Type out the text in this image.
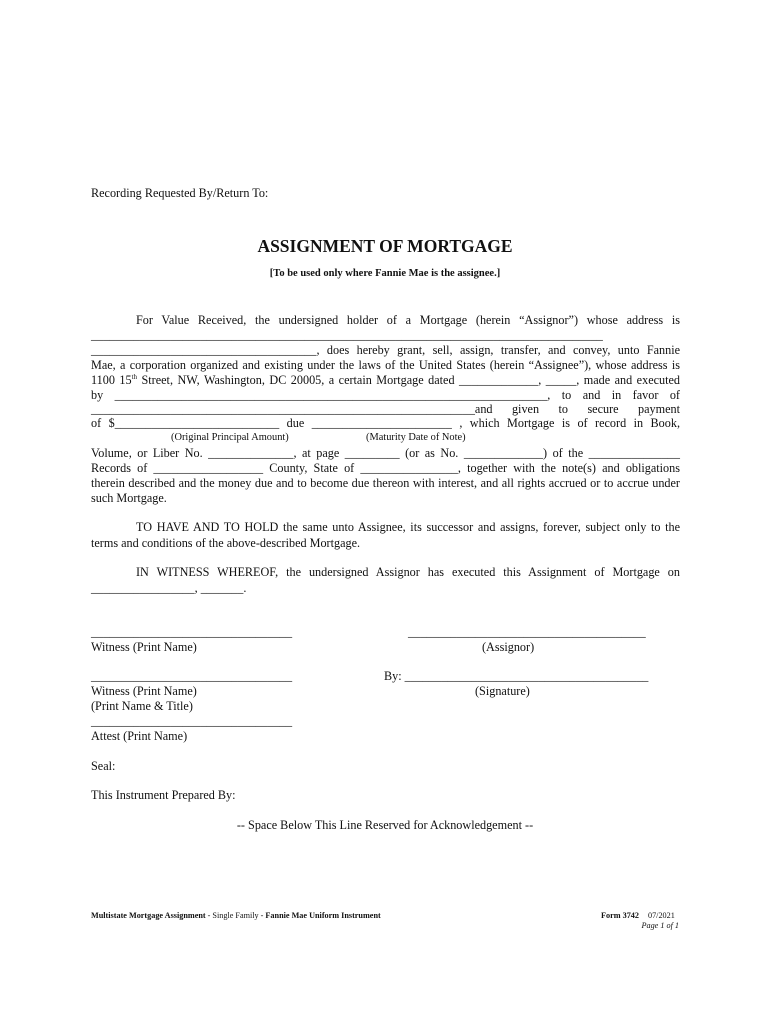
Recording Requested By/Return To:
ASSIGNMENT OF MORTGAGE
[To be used only where Fannie Mae is the assignee.]
For Value Received, the undersigned holder of a Mortgage (herein “Assignor”) whose address is
____________________________________________________________________________________
_____________________________________, does hereby grant, sell, assign, transfer, and convey, unto Fannie
Mae, a corporation organized and existing under the laws of the United States (herein “Assignee”), whose address is
1100 15th Street, NW, Washington, DC 20005, a certain Mortgage dated _____________, _____, made and executed
by _______________________________________________________________________, to and in favor of
_______________________________________________________________and given to secure payment
of $___________________________ due _______________________ , which Mortgage is of record in Book,
(Original Principal Amount)	(Maturity Date of Note)
Volume, or Liber No. ______________, at page _________ (or as No. _____________) of the _______________
Records of __________________ County, State of ________________, together with the note(s) and obligations
therein described and the money due and to become due thereon with interest, and all rights accrued or to accrue under
such Mortgage.
TO HAVE AND TO HOLD the same unto Assignee, its successor and assigns, forever, subject only to the
terms and conditions of the above-described Mortgage.
IN WITNESS WHEREOF, the undersigned Assignor has executed this Assignment of Mortgage on
_________________, _______.
_________________________________	_______________________________________
Witness (Print Name)	(Assignor)
_________________________________	By: ________________________________________
Witness (Print Name)	(Signature)
(Print Name & Title)
_________________________________
Attest (Print Name)
Seal:
This Instrument Prepared By:
-- Space Below This Line Reserved for Acknowledgement --
Multistate Mortgage Assignment - Single Family - Fannie Mae Uniform Instrument	Form 3742 07/2021
Page 1 of 1
